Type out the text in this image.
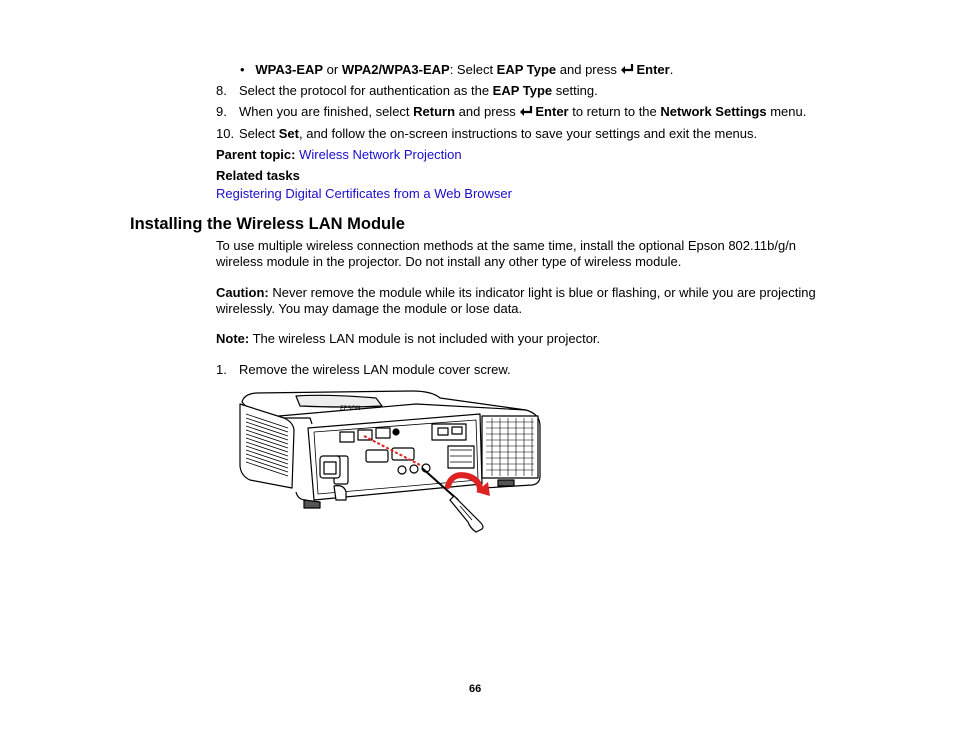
•   WPA3-EAP or WPA2/WPA3-EAP: Select EAP Type and press Enter.
8. Select the protocol for authentication as the EAP Type setting.
9. When you are finished, select Return and press Enter to return to the Network Settings menu.
10. Select Set, and follow the on-screen instructions to save your settings and exit the menus.
Parent topic: Wireless Network Projection
Related tasks
Registering Digital Certificates from a Web Browser
Installing the Wireless LAN Module
To use multiple wireless connection methods at the same time, install the optional Epson 802.11b/g/n wireless module in the projector. Do not install any other type of wireless module.
Caution: Never remove the module while its indicator light is blue or flashing, or while you are projecting wirelessly. You may damage the module or lose data.
Note: The wireless LAN module is not included with your projector.
1. Remove the wireless LAN module cover screw.
EPSON
66
